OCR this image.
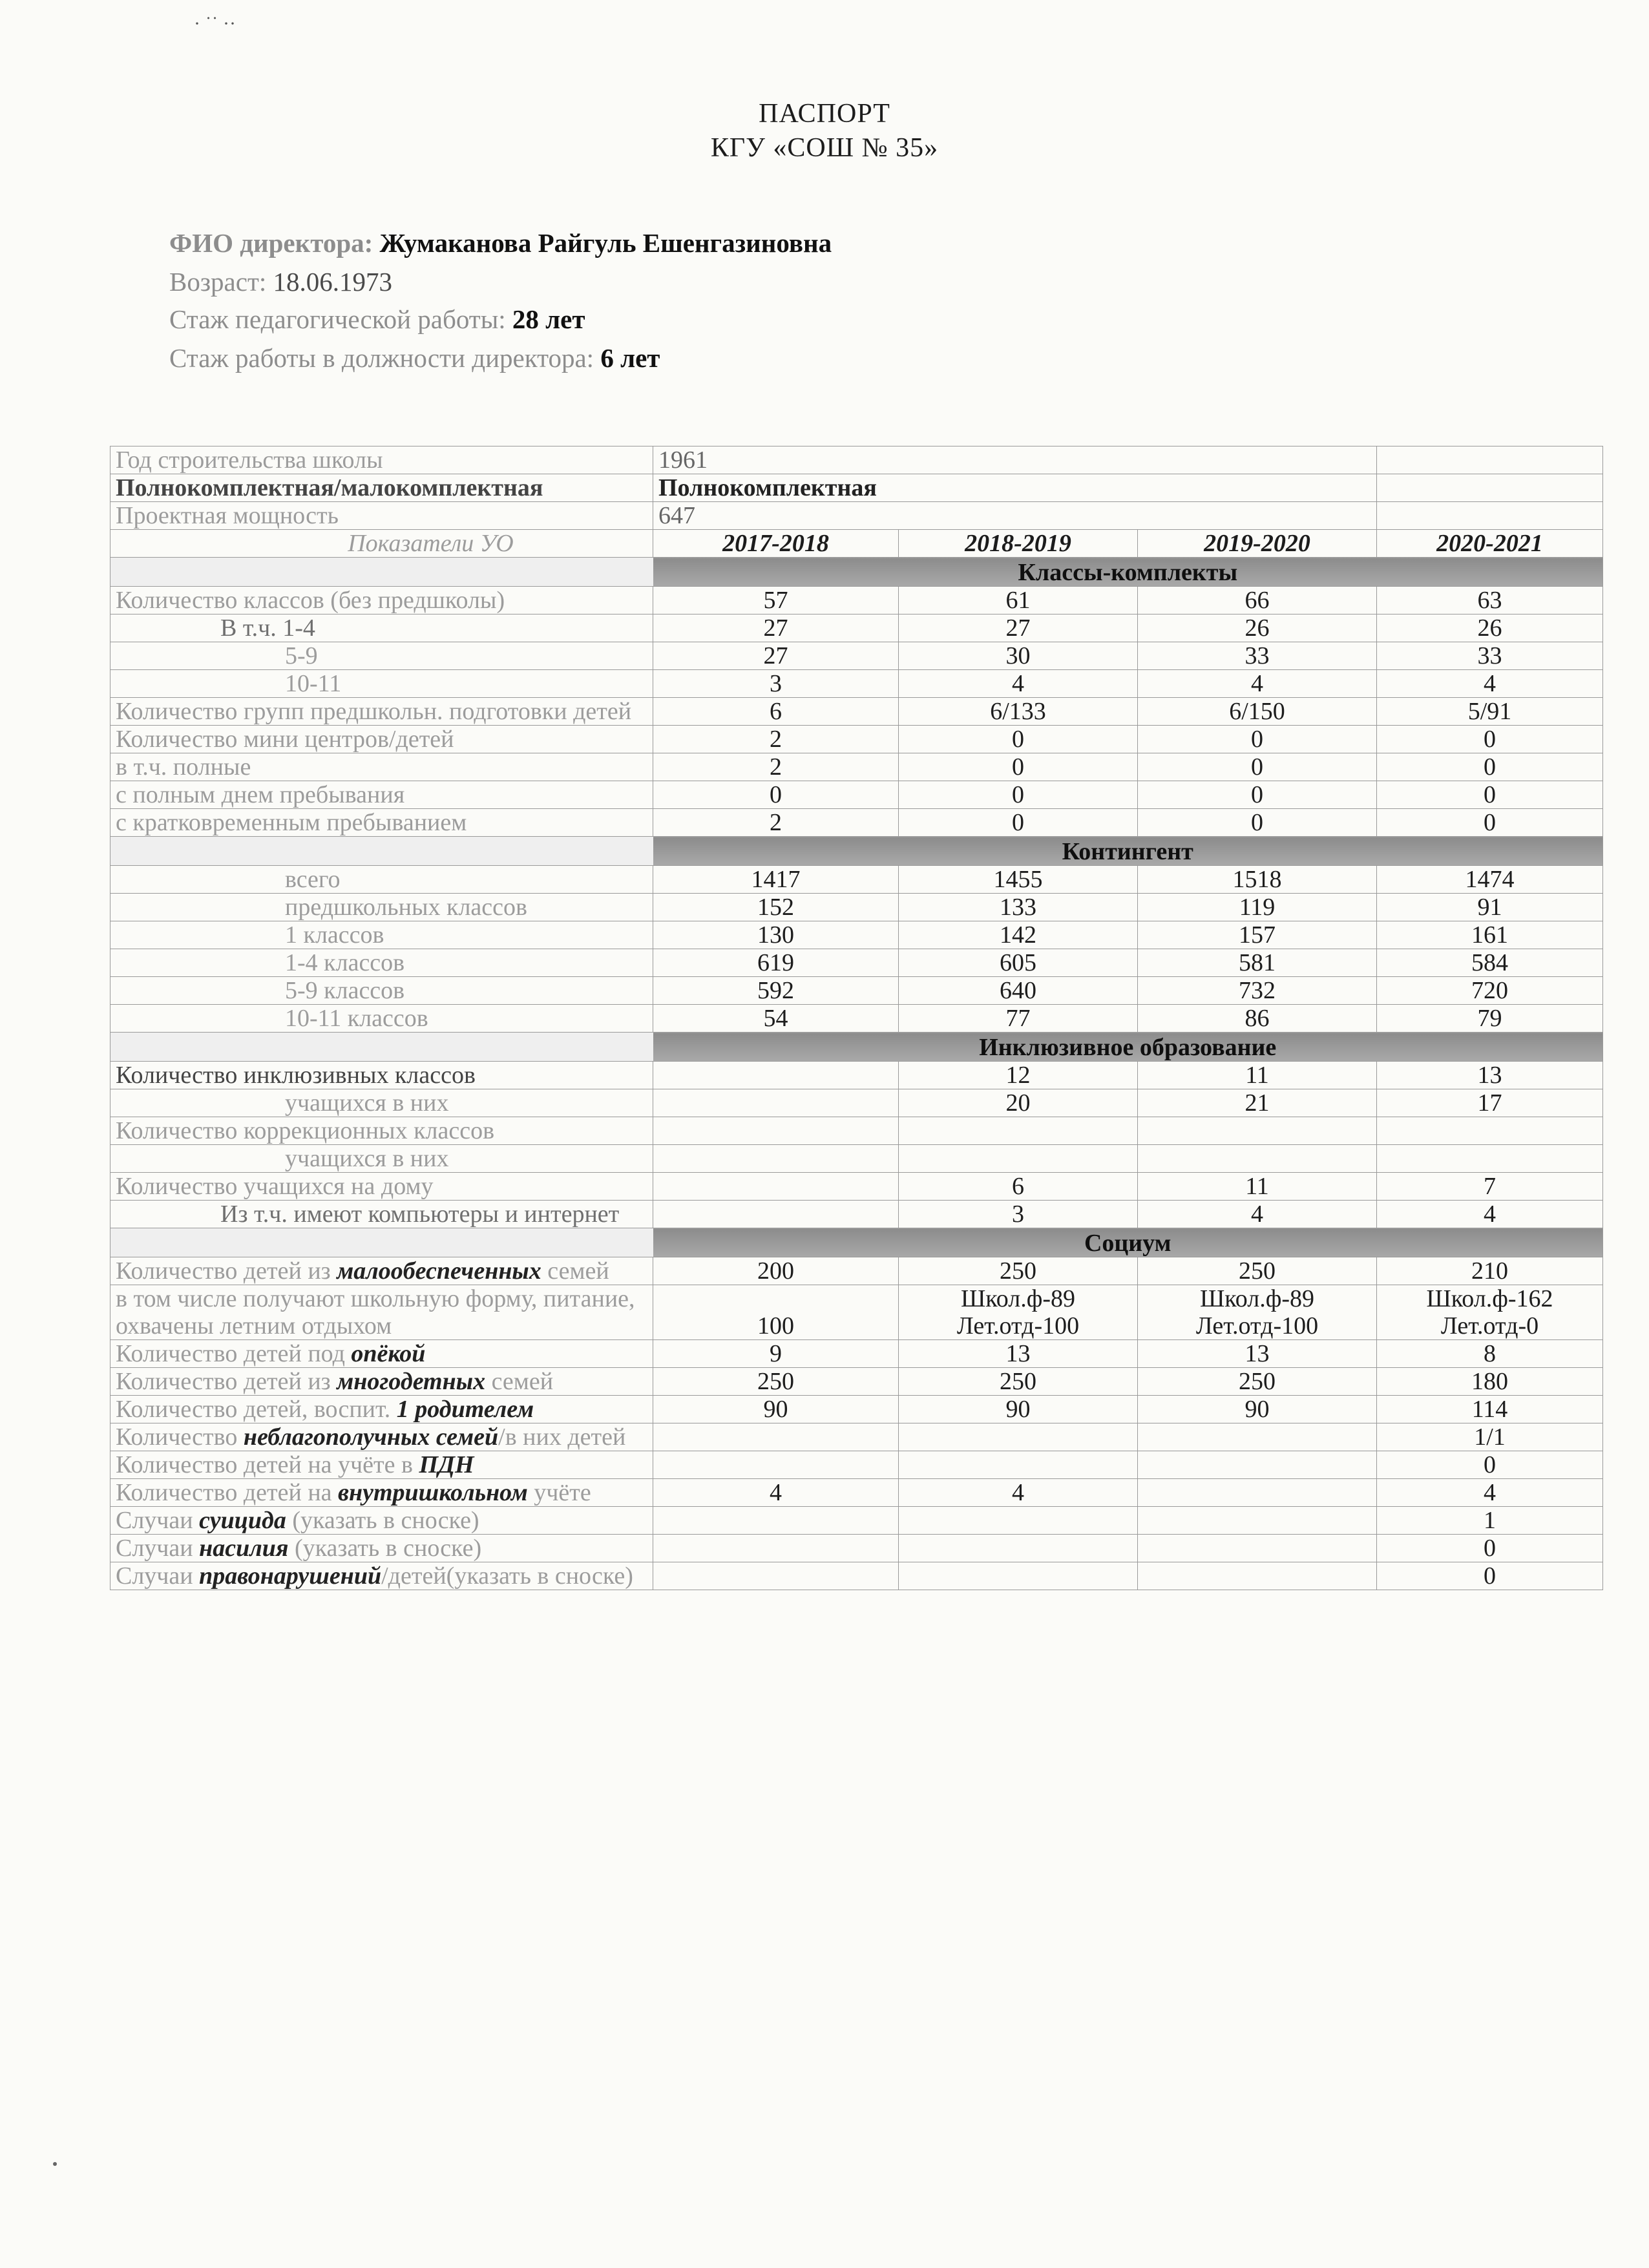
· ˙˙ ··
ПАСПОРТ
КГУ «СОШ № 35»
ФИО директора: Жумаканова Райгуль Ешенгазиновна
Возраст: 18.06.1973
Стаж педагогической работы: 28 лет
Стаж работы в должности директора: 6 лет
Год строительства школы	1961			
Полнокомплектная/малокомплектная	Полнокомплектная			
Проектная мощность	647			
Показатели УО	2017-2018	2018-2019	2019-2020	2020-2021
	Классы-комплекты			
Количество классов (без предшколы)	57	61	66	63
В т.ч. 1-4	27	27	26	26
5-9	27	30	33	33
10-11	3	4	4	4
Количество групп предшкольн. подготовки детей	6	6/133	6/150	5/91
Количество мини центров/детей	2	0	0	0
в т.ч. полные	2	0	0	0
с полным днем пребывания	0	0	0	0
с кратковременным пребыванием	2	0	0	0
	Контингент			
всего	1417	1455	1518	1474
предшкольных классов	152	133	119	91
1 классов	130	142	157	161
1-4 классов	619	605	581	584
5-9 классов	592	640	732	720
10-11 классов	54	77	86	79
	Инклюзивное образование			
Количество инклюзивных классов		12	11	13
учащихся в них		20	21	17
Количество коррекционных классов				
учащихся в них				
Количество учащихся на дому		6	11	7
Из т.ч. имеют компьютеры и интернет		3	4	4
	Социум			
Количество детей из малообеспеченных семей	200	250	250	210
в том числе получают школьную форму, питание, охвачены летним отдыхом	100	Школ.ф-89 Лет.отд-100	Школ.ф-89 Лет.отд-100	Школ.ф-162 Лет.отд-0
Количество детей под опёкой	9	13	13	8
Количество детей из многодетных семей	250	250	250	180
Количество детей, воспит. 1 родителем	90	90	90	114
Количество неблагополучных семей/в них детей				1/1
Количество детей на учёте в ПДН				0
Количество детей на внутришкольном учёте	4	4		4
Случаи суицида (указать в сноске)				1
Случаи насилия (указать в сноске)				0
Случаи правонарушений/детей(указать в сноске)				0
